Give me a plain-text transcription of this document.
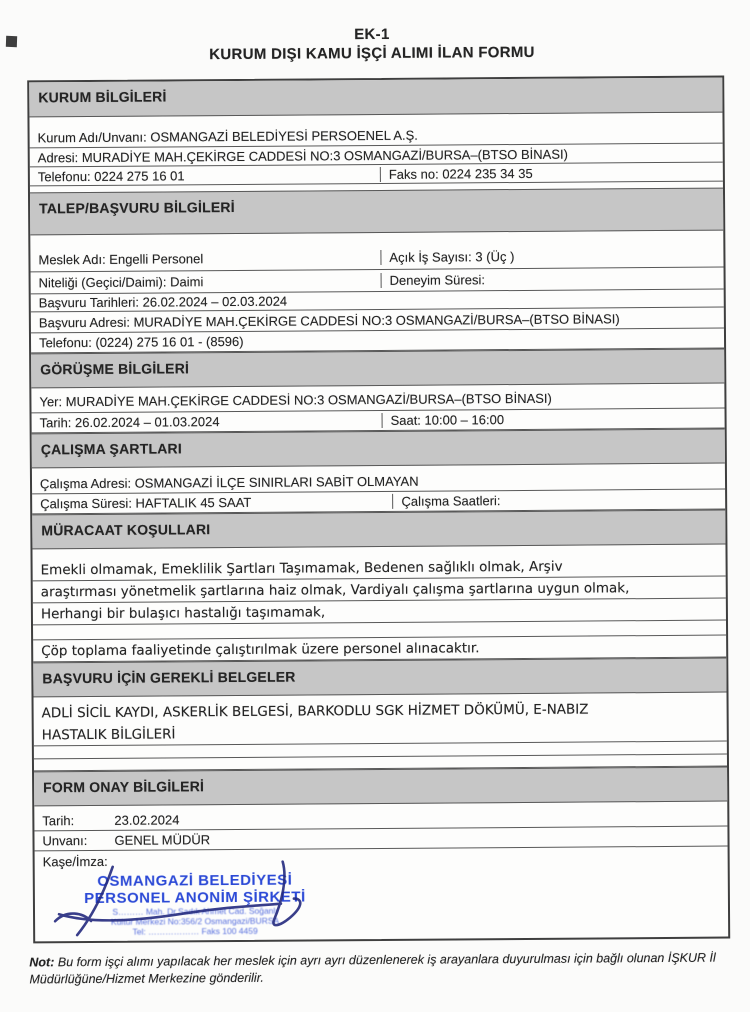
EK-1
KURUM DIŞI KAMU İŞÇİ ALIMI İLAN FORMU
KURUM BİLGİLERİ
Kurum Adı/Unvanı: OSMANGAZİ BELEDİYESİ PERSOENEL A.Ş.
Adresi: MURADİYE MAH.ÇEKİRGE CADDESİ NO:3 OSMANGAZİ/BURSA–(BTSO BİNASI)
Telefonu: 0224 275 16 01	Faks no: 0224 235 34 35
TALEP/BAŞVURU BİLGİLERİ
Meslek Adı: Engelli Personel	Açık İş Sayısı: 3 (Üç )
Niteliği (Geçici/Daimi): Daimi	Deneyim Süresi:
Başvuru Tarihleri: 26.02.2024 – 02.03.2024
Başvuru Adresi: MURADİYE MAH.ÇEKİRGE CADDESİ NO:3 OSMANGAZİ/BURSA–(BTSO BİNASI)
Telefonu: (0224) 275 16 01 - (8596)
GÖRÜŞME BİLGİLERİ
Yer: MURADİYE MAH.ÇEKİRGE CADDESİ NO:3 OSMANGAZİ/BURSA–(BTSO BİNASI)
Tarih: 26.02.2024 – 01.03.2024	Saat: 10:00 – 16:00
ÇALIŞMA ŞARTLARI
Çalışma Adresi: OSMANGAZİ İLÇE SINIRLARI SABİT OLMAYAN
Çalışma Süresi: HAFTALIK 45 SAAT	Çalışma Saatleri:
MÜRACAAT KOŞULLARI
Emekli olmamak, Emeklilik Şartları Taşımamak, Bedenen sağlıklı olmak, Arşiv
araştırması yönetmelik şartlarına haiz olmak, Vardiyalı çalışma şartlarına uygun olmak,
Herhangi bir bulaşıcı hastalığı taşımamak,
Çöp toplama faaliyetinde çalıştırılmak üzere personel alınacaktır.
BAŞVURU İÇİN GEREKLİ BELGELER
ADLİ SİCİL KAYDI, ASKERLİK BELGESİ, BARKODLU SGK HİZMET DÖKÜMÜ, E-NABIZ
HASTALIK BİLGİLERİ
FORM ONAY BİLGİLERİ
Tarih:	23.02.2024
Unvanı:	GENEL MÜDÜR
Kaşe/İmza:
OSMANGAZİ BELEDİYESİ
PERSONEL ANONİM ŞİRKETİ
S……… Mah. Dr.Sadık Ahmet Cad. Soğanlı
Kültür Merkezi No:356/2 Osmangazi/BURSA
Tel: ……………… Faks 100 4459
Not: Bu form işçi alımı yapılacak her meslek için ayrı ayrı düzenlenerek iş arayanlara duyurulması için bağlı olunan İŞKUR İl Müdürlüğüne/Hizmet Merkezine gönderilir.
